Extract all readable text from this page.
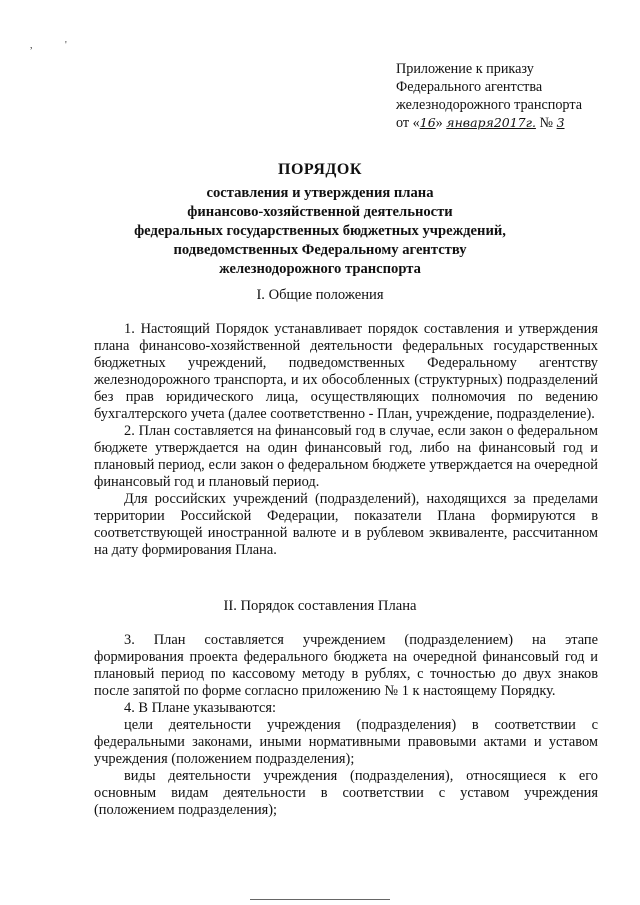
,	'
Приложение к приказу
Федерального агентства
железнодорожного транспорта
от «16» января2017г. № 3
ПОРЯДОК
составления и утверждения плана
финансово-хозяйственной деятельности
федеральных государственных бюджетных учреждений,
подведомственных Федеральному агентству
железнодорожного транспорта
I. Общие положения

1. Настоящий Порядок устанавливает порядок составления и утверждения плана финансово-хозяйственной деятельности федеральных государственных бюджетных учреждений, подведомственных Федеральному агентству железнодорожного транспорта, и их обособленных (структурных) подразделений без прав юридического лица, осуществляющих полномочия по ведению бухгалтерского учета (далее соответственно - План, учреждение, подразделение).

2. План составляется на финансовый год в случае, если закон о федеральном бюджете утверждается на один финансовый год, либо на финансовый год и плановый период, если закон о федеральном бюджете утверждается на очередной финансовый год и плановый период.

Для российских учреждений (подразделений), находящихся за пределами территории Российской Федерации, показатели Плана формируются в соответствующей иностранной валюте и в рублевом эквиваленте, рассчитанном на дату формирования Плана.

II. Порядок составления Плана

3. План составляется учреждением (подразделением) на этапе формирования проекта федерального бюджета на очередной финансовый год и плановый период по кассовому методу в рублях, с точностью до двух знаков после запятой по форме согласно приложению № 1 к настоящему Порядку.

4. В Плане указываются:

цели деятельности учреждения (подразделения) в соответствии с федеральными законами, иными нормативными правовыми актами и уставом учреждения (положением подразделения);

виды деятельности учреждения (подразделения), относящиеся к его основным видам деятельности в соответствии с уставом учреждения (положением подразделения);
